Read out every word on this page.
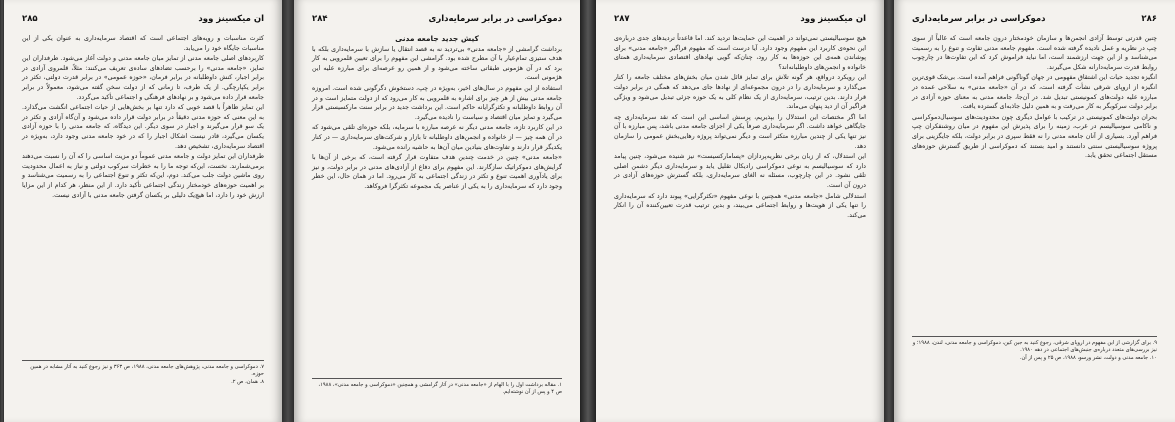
ان میکسینز وود
۲۸۵

کثرت مناسبات و رویه‌های اجتماعی است که اقتصاد سرمایه‌داری به عنوان یکی از این مناسبات جایگاه خود را می‌یابد.

کاربردهای اصلی جامعه مدنی از تمایز میان جامعه مدنی و دولت آغاز می‌شود. طرفداران این تمایز، «جامعه مدنی» را برحسب تضادهای ساده‌ی تعریف می‌کنند: مثلاً، قلمروی آزادی در برابر اجبار، کنش داوطلبانه در برابر فرمان، «حوزه عمومی» در برابر قدرت دولتی، تکثر در برابر یکپارچگی. از یک طرف، تا زمانی که از دولت سخن گفته می‌شود، معمولاً در برابر جامعه قرار داده می‌شود و بر نهادهای فرهنگی و اجتماعی تأکید می‌گردد.

این تمایز ظاهراً با قصد خوبی که دارد تنها بر بخش‌هایی از حیات اجتماعی انگشت می‌گذارد. به این معنی که حوزه مدنی دقیقاً در برابر دولت قرار داده می‌شود و آن‌گاه آزادی و تکثر در یک سو قرار می‌گیرند و اجبار در سوی دیگر. این دیدگاه، که جامعه مدنی را با حوزه آزادی یکسان می‌گیرد، قادر نیست اشکال اجبار را که در خود جامعه مدنی وجود دارد، به‌ویژه در اقتصاد سرمایه‌داری، تشخیص دهد.

طرفداران این تمایز دولت و جامعه مدنی عموماً دو مزیت اساسی را که آن را نسبت می‌دهند برمی‌شمارند. نخست، این‌که توجه ما را به خطرات سرکوب دولتی و نیاز به اعمال محدودیت روی ماشین دولت جلب می‌کند. دوم، این‌که تکثر و تنوع اجتماعی را به رسمیت می‌شناسد و بر اهمیت حوزه‌های خودمختار زندگی اجتماعی تأکید دارد. از این منظر، هر کدام از این مزایا ارزش خود را دارد، اما هیچ‌یک دلیلی بر یکسان گرفتن جامعه مدنی با آزادی نیست.

۷. دموکراسی و جامعه مدنی، پژوهش‌های جامعه مدنی، ۱۹۸۸، ص ۳۶۳ و نیز رجوع کنید به آثار مشابه در همین حوزه.

۸. همان، ص ۲.

دموکراسی در برابر سرمایه‌داری
۲۸۴

کیش جدید جامعه مدنی

برداشت گرامشی از «جامعه مدنی» بی‌تردید نه به قصد انتقال یا سازش با سرمایه‌داری بلکه با هدف ستیزی تمام‌عیار با آن مطرح شده بود. گرامشی این مفهوم را برای تعیین قلمرویی به کار برد که در آن هژمونی طبقاتی ساخته می‌شود و از همین رو عرصه‌ای برای مبارزه علیه این هژمونی است.

استفاده از این مفهوم در سال‌های اخیر، به‌ویژه در چپ، دستخوش دگرگونی شده است. امروزه جامعه مدنی بیش از هر چیز برای اشاره به قلمرویی به کار می‌رود که از دولت متمایز است و در آن روابط داوطلبانه و تکثرگرایانه حاکم است. این برداشت جدید در برابر سنت مارکسیستی قرار می‌گیرد و تمایز میان اقتصاد و سیاست را نادیده می‌گیرد.

در این کاربرد تازه، جامعه مدنی دیگر نه عرصه مبارزه با سرمایه، بلکه حوزه‌ای تلقی می‌شود که در آن همه چیز — از خانواده و انجمن‌های داوطلبانه تا بازار و شرکت‌های سرمایه‌داری — در کنار یکدیگر قرار دارند و تفاوت‌های بنیادین میان آن‌ها به حاشیه رانده می‌شود.

«جامعه مدنی» چنین در خدمت چندین هدف متفاوت قرار گرفته است، که برخی از آن‌ها با گرایش‌های دموکراتیک سازگارند. این مفهوم برای دفاع از آزادی‌های مدنی در برابر دولت، و نیز برای یادآوری اهمیت تنوع و تکثر در زندگی اجتماعی به کار می‌رود. اما در همان حال، این خطر وجود دارد که سرمایه‌داری را به یکی از عناصر یک مجموعه تکثرگرا فروکاهد.

۱. مقاله برداشت اول را با الهام از «جامعه مدنی» در آثار گرامشی و همچنین «دموکراسی و جامعه مدنی»، ۱۹۸۸، ص ۴ و پس از آن نوشته‌ایم.

ان میکسینز وود
۲۸۷

هیچ سوسیالیستی نمی‌تواند در اهمیت این حمایت‌ها تردید کند. اما قاعدتاً تردیدهای جدی درباره‌ی این نحوه‌ی کاربرد این مفهوم وجود دارد. آیا درست است که مفهوم فراگیر «جامعه مدنی» برای پوشاندن همه‌ی این حوزه‌ها به کار رود، چنان‌که گویی نهادهای اقتصادی سرمایه‌داری همتای خانواده و انجمن‌های داوطلبانه‌اند؟

این رویکرد درواقع، هر گونه تلاش برای تمایز قائل شدن میان بخش‌های مختلف جامعه را کنار می‌گذارد و سرمایه‌داری را در درون مجموعه‌ای از نهادها جای می‌دهد که همگی در برابر دولت قرار دارند. بدین ترتیب، سرمایه‌داری از یک نظام کلی به یک حوزه جزئی تبدیل می‌شود و ویژگی فراگیر آن از دید پنهان می‌ماند.

اما اگر مختصات این استدلال را بپذیریم، پرسش اساسی این است که نقد سرمایه‌داری چه جایگاهی خواهد داشت. اگر سرمایه‌داری صرفاً یکی از اجزای جامعه مدنی باشد، پس مبارزه با آن نیز تنها یکی از چندین مبارزه متکثر است و دیگر نمی‌تواند پروژه رهایی‌بخش عمومی را سازمان دهد.

این استدلال، که از زبان برخی نظریه‌پردازان «پسامارکسیست» نیز شنیده می‌شود، چنین پیامد دارد که سوسیالیسم به نوعی دموکراسی رادیکال تقلیل یابد و سرمایه‌داری دیگر دشمن اصلی تلقی نشود. در این چارچوب، مسئله نه الغای سرمایه‌داری، بلکه گسترش حوزه‌های آزادی در درون آن است.

استدلالی شامل «جامعه مدنی» همچنین با نوعی مفهوم «تکثرگرایی» پیوند دارد که سرمایه‌داری را تنها یکی از هویت‌ها و روابط اجتماعی می‌بیند، و بدین ترتیب قدرت تعیین‌کننده آن را انکار می‌کند.

۲۸۶
دموکراسی در برابر سرمایه‌داری

چنین قدرتی توسط آزادی انجمن‌ها و سازمان خودمختار درون جامعه است که غالباً از سوی چپ در نظریه و عمل نادیده گرفته شده است. مفهوم جامعه مدنی تفاوت و تنوع را به رسمیت می‌شناسد و از این جهت ارزشمند است، اما نباید فراموش کرد که این تفاوت‌ها در چارچوب روابط قدرت سرمایه‌دارانه شکل می‌گیرند.

انگیزه تجدید حیات این اشتقاق مفهومی در جهان گوناگونی فراهم آمده است. بی‌شک قوی‌ترین انگیزه از اروپای شرقی نشأت گرفته است، که در آن «جامعه مدنی» به سلاحی عمده در مبارزه علیه دولت‌های کمونیستی تبدیل شد. در آن‌جا، جامعه مدنی به معنای حوزه آزادی در برابر دولت سرکوبگر به کار می‌رفت و به همین دلیل جاذبه‌ای گسترده یافت.

بحران دولت‌های کمونیستی در ترکیب با عوامل دیگری چون محدودیت‌های سوسیال‌دموکراسی و ناکامی سوسیالیسم در غرب، زمینه را برای پذیرش این مفهوم در میان روشنفکران چپ فراهم آورد. بسیاری از آنان جامعه مدنی را نه فقط سپری در برابر دولت، بلکه جایگزینی برای پروژه سوسیالیستی سنتی دانستند و امید بستند که دموکراسی از طریق گسترش حوزه‌های مستقل اجتماعی تحقق یابد.

۹. برای گزارشی از این مفهوم در اروپای شرقی، رجوع کنید به جین کین، دموکراسی و جامعه مدنی، لندن، ۱۹۸۸؛ و نیز بررسی‌های متعدد درباره‌ی جنبش‌های اجتماعی در دهه ۱۹۸۰.

۱۰. جامعه مدنی و دولت، نشر ورسو، ۱۹۸۸، ص ۲۵ و پس از آن.
